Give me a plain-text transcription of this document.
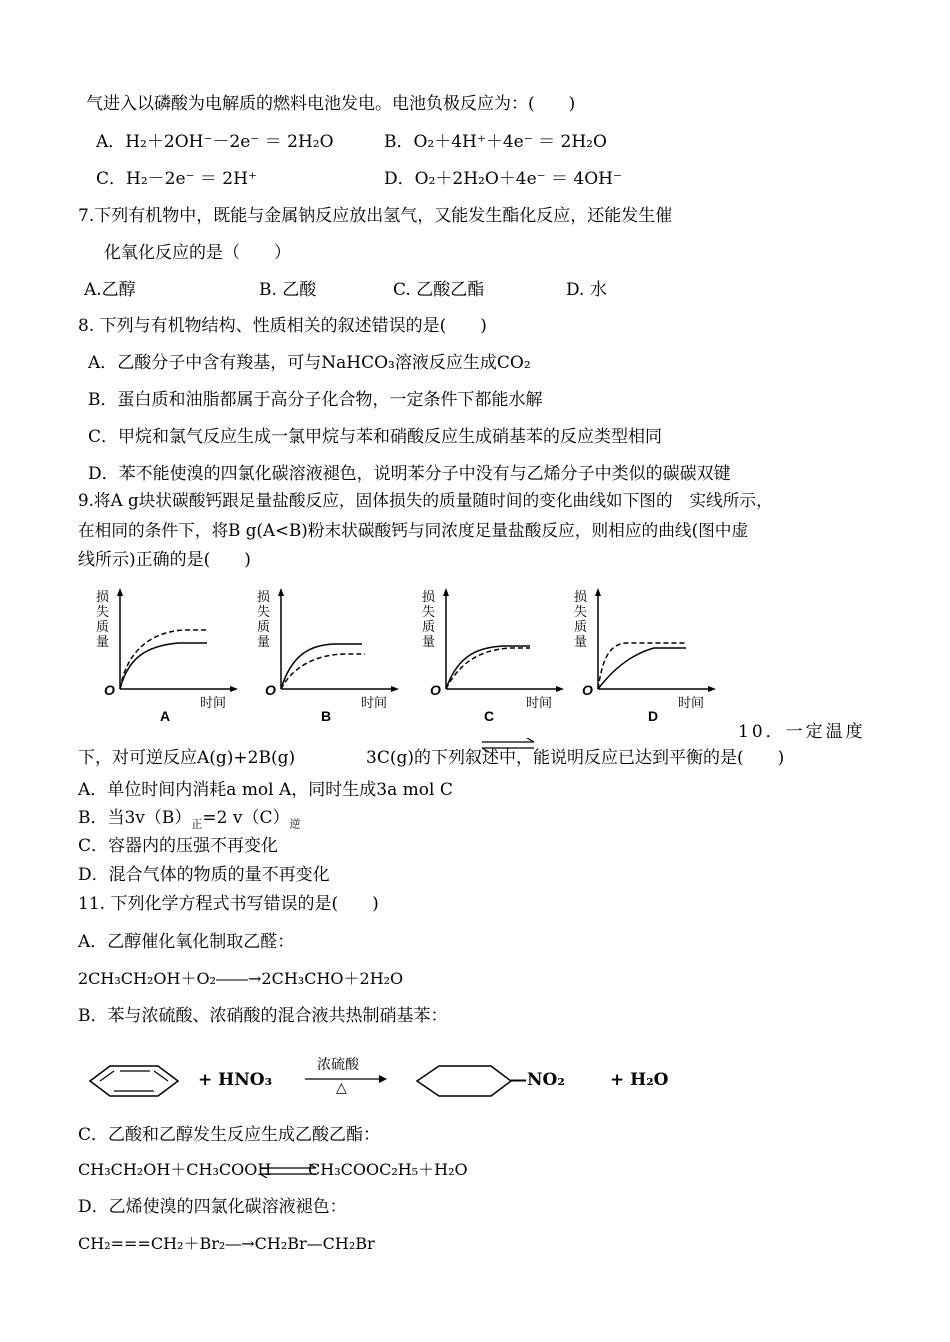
气进入以磷酸为电解质的燃料电池发电。电池负极反应为：(　　)
A．H₂＋2OH⁻－2e⁻ ＝ 2H₂O	B．O₂＋4H⁺＋4e⁻ ＝ 2H₂O
C．H₂－2e⁻ ＝ 2H⁺	D．O₂＋2H₂O＋4e⁻ ＝ 4OH⁻
7.下列有机物中，既能与金属钠反应放出氢气，又能发生酯化反应，还能发生催
化氧化反应的是（　　）
A.乙醇	B. 乙酸	C. 乙酸乙酯	D. 水
8. 下列与有机物结构、性质相关的叙述错误的是(　　)
A．乙酸分子中含有羧基，可与NaHCO₃溶液反应生成CO₂
B．蛋白质和油脂都属于高分子化合物，一定条件下都能水解
C．甲烷和氯气反应生成一氯甲烷与苯和硝酸反应生成硝基苯的反应类型相同
D．苯不能使溴的四氯化碳溶液褪色，说明苯分子中没有与乙烯分子中类似的碳碳双键
9.将A g块状碳酸钙跟足量盐酸反应，固体损失的质量随时间的变化曲线如下图的　实线所示，
在相同的条件下，将B g(A<B)粉末状碳酸钙与同浓度足量盐酸反应，则相应的曲线(图中虚
线所示)正确的是(　　)
损
失
质
量
O
时间
A
损
失
质
量
O
时间
B
损
失
质
量
O
时间
C
损
失
质
量
O
时间
D
10．一定温度
下，对可逆反应A(g)+2B(g)	3C(g)的下列叙述中，能说明反应已达到平衡的是(　　)
A．单位时间内消耗a mol A，同时生成3a mol C
B．当$3v(B)_正=2$ $v(C)_逆$
C．容器内的压强不再变化
D．混合气体的物质的量不再变化
11. 下列化学方程式书写错误的是(　　)
A．乙醇催化氧化制取乙醛：
2CH₃CH₂OH＋O₂――→2CH₃CHO＋2H₂O
B．苯与浓硫酸、浓硝酸的混合液共热制硝基苯：
+ HNO₃
浓硫酸
△	—NO₂	+ H₂O
C．乙酸和乙醇发生反应生成乙酸乙酯：
CH₃CH₂OH＋CH₃COOH CH₃COOC₂H₅＋H₂O
D．乙烯使溴的四氯化碳溶液褪色：
CH₂===CH₂＋Br₂―→CH₂Br—CH₂Br
